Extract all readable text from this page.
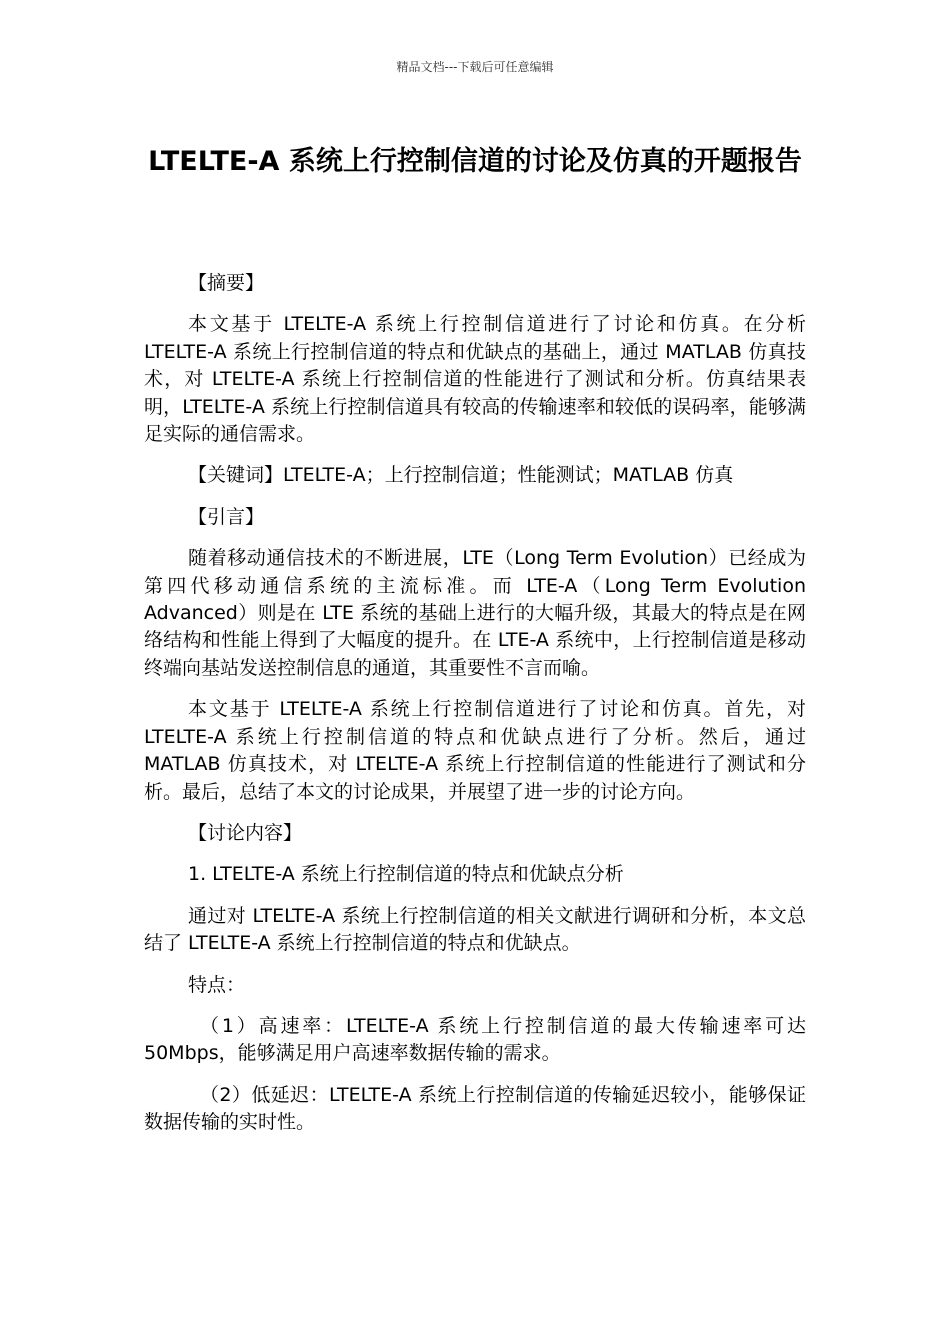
精品文档---下载后可任意编辑
LTELTE-A 系统上行控制信道的讨论及仿真的开题报告

【摘要】

本文基于 LTELTE-A 系统上行控制信道进行了讨论和仿真。在分析 LTELTE-A 系统上行控制信道的特点和优缺点的基础上，通过 MATLAB 仿真技术，对 LTELTE-A 系统上行控制信道的性能进行了测试和分析。仿真结果表明，LTELTE-A 系统上行控制信道具有较高的传输速率和较低的误码率，能够满足实际的通信需求。

【关键词】LTELTE-A；上行控制信道；性能测试；MATLAB 仿真

【引言】

随着移动通信技术的不断进展，LTE（Long Term Evolution）已经成为第四代移动通信系统的主流标准。而 LTE-A（Long Term Evolution Advanced）则是在 LTE 系统的基础上进行的大幅升级，其最大的特点是在网络结构和性能上得到了大幅度的提升。在 LTE-A 系统中，上行控制信道是移动终端向基站发送控制信息的通道，其重要性不言而喻。

本文基于 LTELTE-A 系统上行控制信道进行了讨论和仿真。首先，对 LTELTE-A 系统上行控制信道的特点和优缺点进行了分析。然后，通过 MATLAB 仿真技术，对 LTELTE-A 系统上行控制信道的性能进行了测试和分析。最后，总结了本文的讨论成果，并展望了进一步的讨论方向。

【讨论内容】

1. LTELTE-A 系统上行控制信道的特点和优缺点分析

通过对 LTELTE-A 系统上行控制信道的相关文献进行调研和分析，本文总结了 LTELTE-A 系统上行控制信道的特点和优缺点。

特点：

（1）高速率：LTELTE-A 系统上行控制信道的最大传输速率可达 50Mbps，能够满足用户高速率数据传输的需求。

（2）低延迟：LTELTE-A 系统上行控制信道的传输延迟较小，能够保证数据传输的实时性。
